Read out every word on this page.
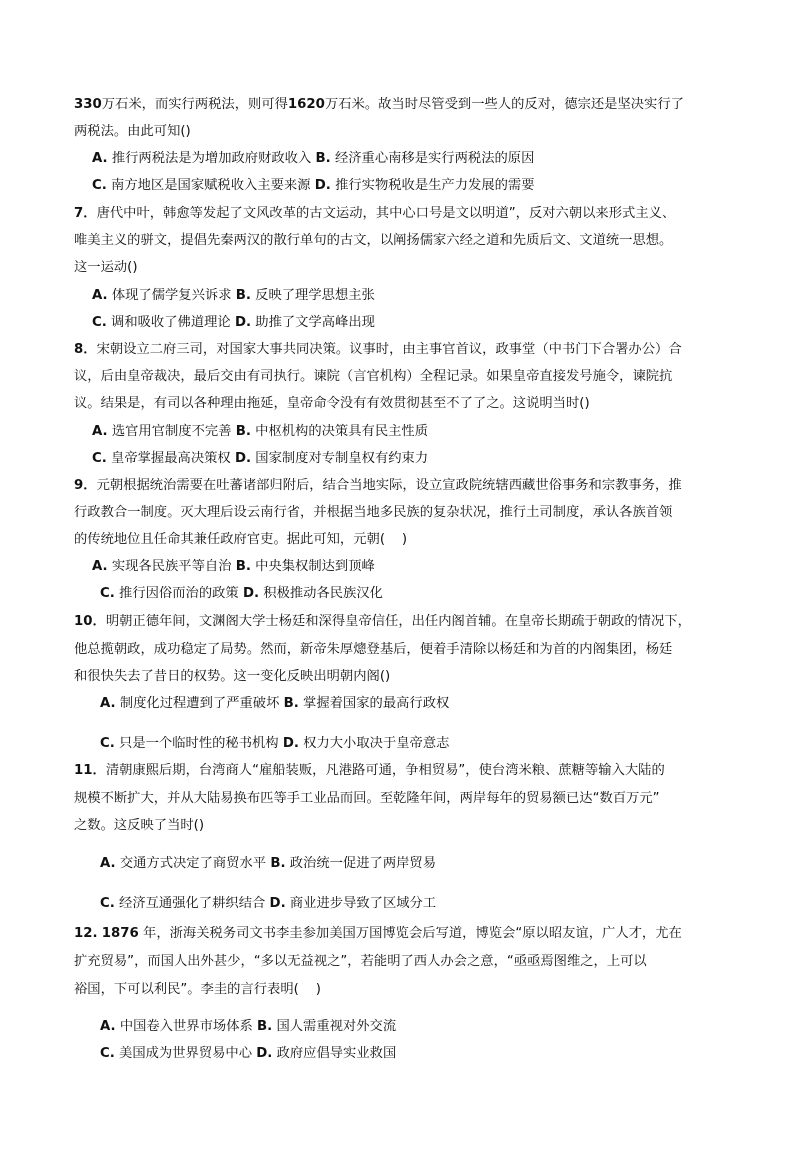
330万石米，而实行两税法，则可得1620万石米。故当时尽管受到一些人的反对，德宗还是坚决实行了
两税法。由此可知()
A. 推行两税法是为增加政府财政收入 B. 经济重心南移是实行两税法的原因
C. 南方地区是国家赋税收入主要来源 D. 推行实物税收是生产力发展的需要
7．唐代中叶，韩愈等发起了文风改革的古文运动，其中心口号是文以明道”，反对六朝以来形式主义、
唯美主义的骈文，提倡先秦两汉的散行单句的古文，以阐扬儒家六经之道和先质后文、文道统一思想。
这一运动()
A. 体现了儒学复兴诉求 B. 反映了理学思想主张
C. 调和吸收了佛道理论 D. 助推了文学高峰出现
8．宋朝设立二府三司，对国家大事共同决策。议事时，由主事官首议，政事堂（中书门下合署办公）合
议，后由皇帝裁决，最后交由有司执行。谏院（言官机构）全程记录。如果皇帝直接发号施令，谏院抗
议。结果是，有司以各种理由拖延，皇帝命令没有有效贯彻甚至不了了之。这说明当时()
A. 选官用官制度不完善 B. 中枢机构的决策具有民主性质
C. 皇帝掌握最高决策权 D. 国家制度对专制皇权有约束力
9．元朝根据统治需要在吐蕃诸部归附后，结合当地实际，设立宣政院统辖西藏世俗事务和宗教事务，推
行政教合一制度。灭大理后设云南行省，并根据当地多民族的复杂状况，推行土司制度，承认各族首领
的传统地位且任命其兼任政府官吏。据此可知，元朝(    )
A. 实现各民族平等自治 B. 中央集权制达到顶峰
C. 推行因俗而治的政策 D. 积极推动各民族汉化
10．明朝正德年间，文渊阁大学士杨廷和深得皇帝信任，出任内阁首辅。在皇帝长期疏于朝政的情况下，
他总揽朝政，成功稳定了局势。然而，新帝朱厚熜登基后，便着手清除以杨廷和为首的内阁集团，杨廷
和很快失去了昔日的权势。这一变化反映出明朝内阁()
A. 制度化过程遭到了严重破坏 B. 掌握着国家的最高行政权
C. 只是一个临时性的秘书机构 D. 权力大小取决于皇帝意志
11．清朝康熙后期，台湾商人“雇船装贩，凡港路可通，争相贸易”，使台湾米粮、蔗糖等输入大陆的
规模不断扩大，并从大陆易换布匹等手工业品而回。至乾隆年间，两岸每年的贸易额已达“数百万元”
之数。这反映了当时()
A. 交通方式决定了商贸水平 B. 政治统一促进了两岸贸易
C. 经济互通强化了耕织结合 D. 商业进步导致了区域分工
12. 1876 年，浙海关税务司文书李圭参加美国万国博览会后写道，博览会“原以昭友谊，广人才，尤在
扩充贸易”，而国人出外甚少，“多以无益视之”，若能明了西人办会之意，“亟亟焉图维之，上可以
裕国，下可以利民”。李圭的言行表明(    )
A. 中国卷入世界市场体系 B. 国人需重视对外交流
C. 美国成为世界贸易中心 D. 政府应倡导实业救国
